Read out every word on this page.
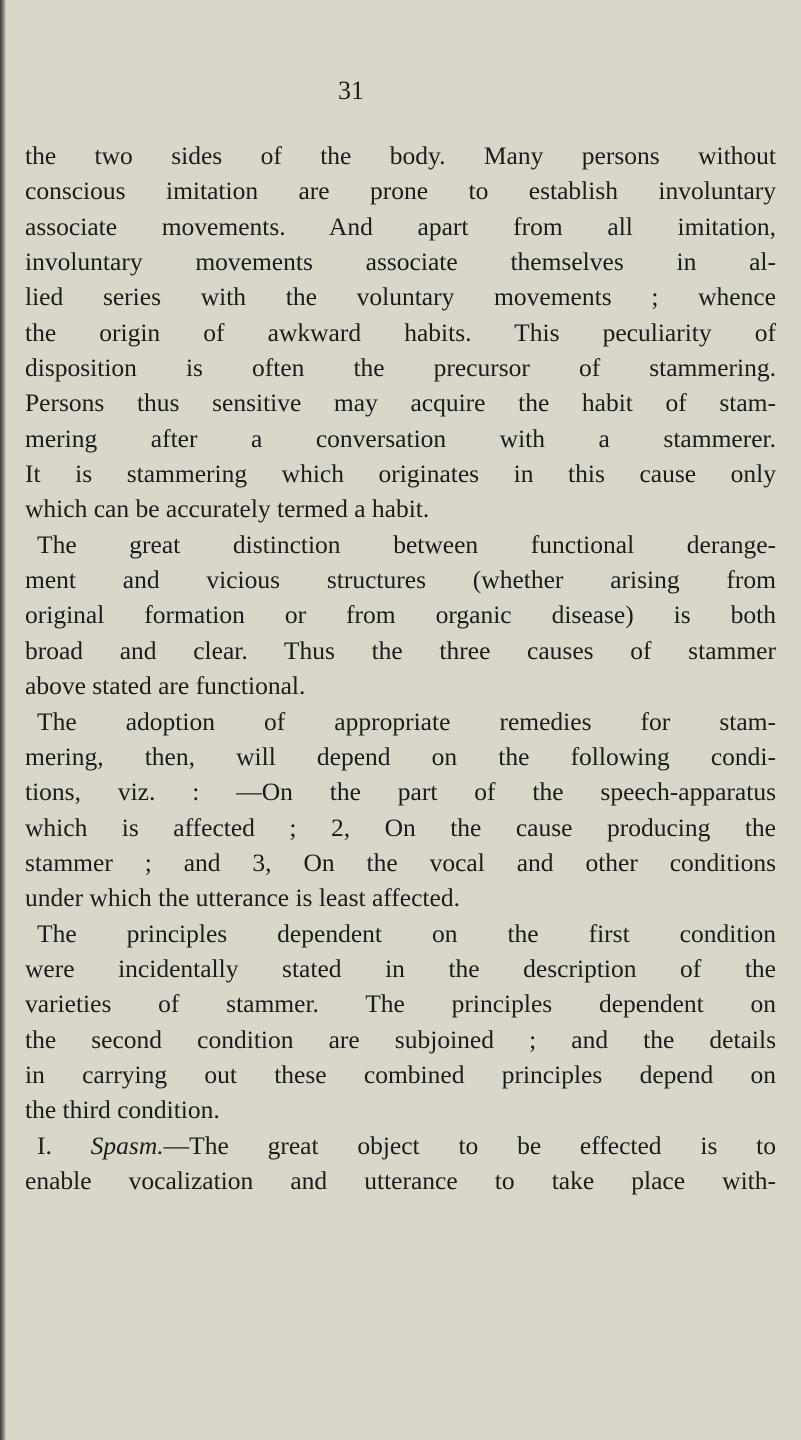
31
the two sides of the body. Many persons without
conscious imitation are prone to establish involuntary
associate movements. And apart from all imitation,
involuntary movements associate themselves in al-
lied series with the voluntary movements ; whence
the origin of awkward habits. This peculiarity of
disposition is often the precursor of stammering.
Persons thus sensitive may acquire the habit of stam-
mering after a conversation with a stammerer.
It is stammering which originates in this cause only
which can be accurately termed a habit.
The great distinction between functional derange-
ment and vicious structures (whether arising from
original formation or from organic disease) is both
broad and clear. Thus the three causes of stammer
above stated are functional.
The adoption of appropriate remedies for stam-
mering, then, will depend on the following condi-
tions, viz. : —On the part of the speech-apparatus
which is affected ; 2, On the cause producing the
stammer ; and 3, On the vocal and other conditions
under which the utterance is least affected.
The principles dependent on the first condition
were incidentally stated in the description of the
varieties of stammer. The principles dependent on
the second condition are subjoined ; and the details
in carrying out these combined principles depend on
the third condition.
I. Spasm.—The great object to be effected is to
enable vocalization and utterance to take place with-
